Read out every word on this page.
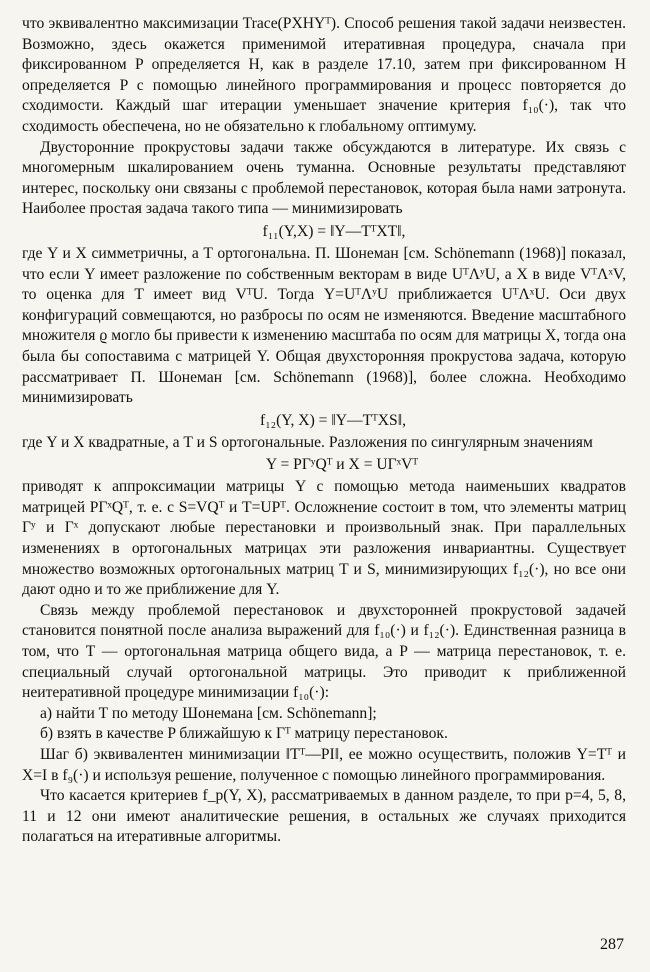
что эквивалентно максимизации Trace(PXHYᵀ). Способ решения такой задачи неизвестен. Возможно, здесь окажется применимой итеративная процедура, сначала при фиксированном P определяется H, как в разделе 17.10, затем при фиксированном H определяется P с помощью линейного программирования и процесс повторяется до сходимости. Каждый шаг итерации уменьшает значение критерия f₁₀(·), так что сходимость обеспечена, но не обязательно к глобальному оптимуму.

Двусторонние прокрустовы задачи также обсуждаются в литературе. Их связь с многомерным шкалированием очень туманна. Основные результаты представляют интерес, поскольку они связаны с проблемой перестановок, которая была нами затронута. Наиболее простая задача такого типа — минимизировать

f₁₁(Y,X) = ‖Y—TᵀXT‖,

где Y и X симметричны, а T ортогональна. П. Шонеман [см. Schönemann (1968)] показал, что если Y имеет разложение по собственным векторам в виде UᵀΛʸU, а X в виде VᵀΛˣV, то оценка для T имеет вид VᵀU. Тогда Y=UᵀΛʸU приближается UᵀΛˣU. Оси двух конфигураций совмещаются, но разбросы по осям не изменяются. Введение масштабного множителя ϱ могло бы привести к изменению масштаба по осям для матрицы X, тогда она была бы сопоставима с матрицей Y. Общая двухсторонняя прокрустова задача, которую рассматривает П. Шонеман [см. Schönemann (1968)], более сложна. Необходимо минимизировать

f₁₂(Y, X) = ‖Y—TᵀXS‖,

где Y и X квадратные, а T и S ортогональные. Разложения по сингулярным значениям

Y = PΓʸQᵀ и X = UΓˣVᵀ

приводят к аппроксимации матрицы Y с помощью метода наименьших квадратов матрицей PΓˣQᵀ, т. е. с S=VQᵀ и T=UPᵀ. Осложнение состоит в том, что элементы матриц Γʸ и Γˣ допускают любые перестановки и произвольный знак. При параллельных изменениях в ортогональных матрицах эти разложения инвариантны. Существует множество возможных ортогональных матриц T и S, минимизирующих f₁₂(·), но все они дают одно и то же приближение для Y.

Связь между проблемой перестановок и двухсторонней прокрустовой задачей становится понятной после анализа выражений для f₁₀(·) и f₁₂(·). Единственная разница в том, что T — ортогональная матрица общего вида, а P — матрица перестановок, т. е. специальный случай ортогональной матрицы. Это приводит к приближенной неитеративной процедуре минимизации f₁₀(·):

а) найти T по методу Шонемана [см. Schönemann];

б) взять в качестве P ближайшую к Γᵀ матрицу перестановок.

Шаг б) эквивалентен минимизации ‖Tᵀ—PI‖, ее можно осуществить, положив Y=Tᵀ и X=I в f₉(·) и используя решение, полученное с помощью линейного программирования.

Что касается критериев f_p(Y, X), рассматриваемых в данном разделе, то при p=4, 5, 8, 11 и 12 они имеют аналитические решения, в остальных же случаях приходится полагаться на итеративные алгоритмы.

287
